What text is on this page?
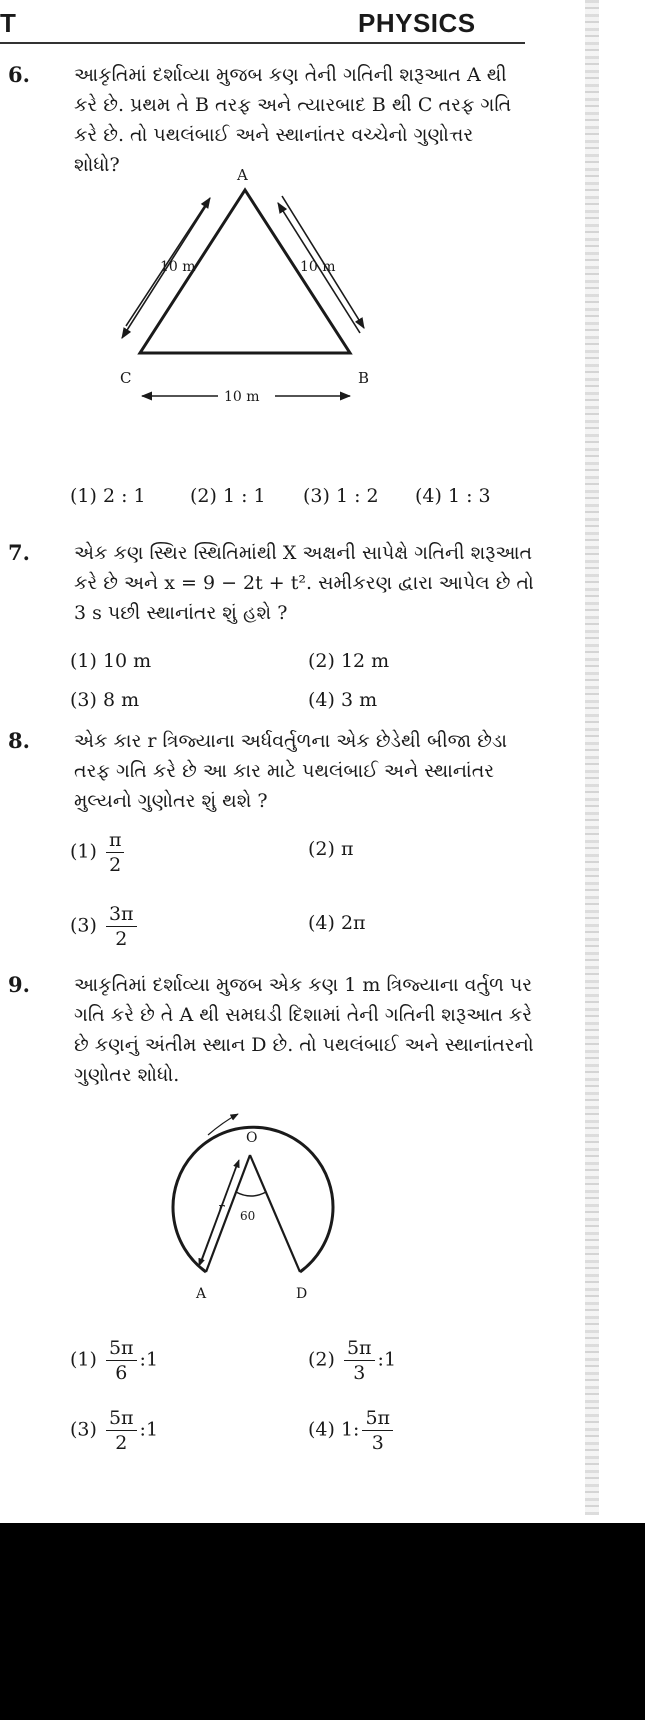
T	PHYSICS
6. આકૃતિમાં દર્શાવ્યા મુજબ કણ તેની ગતિની શરૂઆત A થી કરે છે. પ્રથમ તે B તરફ અને ત્યારબાદ B થી C તરફ ગતિ કરે છે. તો પથલંબાઈ અને સ્થાનાંતર વચ્ચેનો ગુણોત્તર શોધો?	A
B
C
10 m	10 m
10 m
(1) 2 : 1 (2) 1 : 1 (3) 1 : 2 (4) 1 : 3
7. એક કણ સ્થિર સ્થિતિમાંથી X અક્ષની સાપેક્ષે ગતિની શરૂઆત કરે છે અને x = 9 − 2t + t². સમીકરણ દ્વારા આપેલ છે તો 3 s પછી સ્થાનાંતર શું હશે ?
(1) 10 m	(2) 12 m
(3) 8 m	(4) 3 m
8. એક કાર r ત્રિજ્યાના અર્ધવર્તુળના એક છેડેથી બીજા છેડા તરફ ગતિ કરે છે આ કાર માટે પથલંબાઈ અને સ્થાનાંતર મુલ્યનો ગુણોતર શું થશે ?
$(1) \frac{\pi}{2}$	(2) π
$(3) \frac{3\pi}{2}$	(4) 2π
9. આકૃતિમાં દર્શાવ્યા મુજબ એક કણ 1 m ત્રિજ્યાના વર્તુળ પર ગતિ કરે છે તે A થી સમઘડી દિશામાં તેની ગતિની શરૂઆત કરે છે કણનું અંતીમ સ્થાન D છે. તો પથલંબાઈ અને સ્થાનાંતરનો ગુણોતર શોધો.
O
r 60
A	D
$(1) \frac{5\pi}{6}$ :1	$(2) \frac{5\pi}{3}$ :1
$(3) \frac{5\pi}{2}$ :1	(4) 1: $\frac{5\pi}{3}$
